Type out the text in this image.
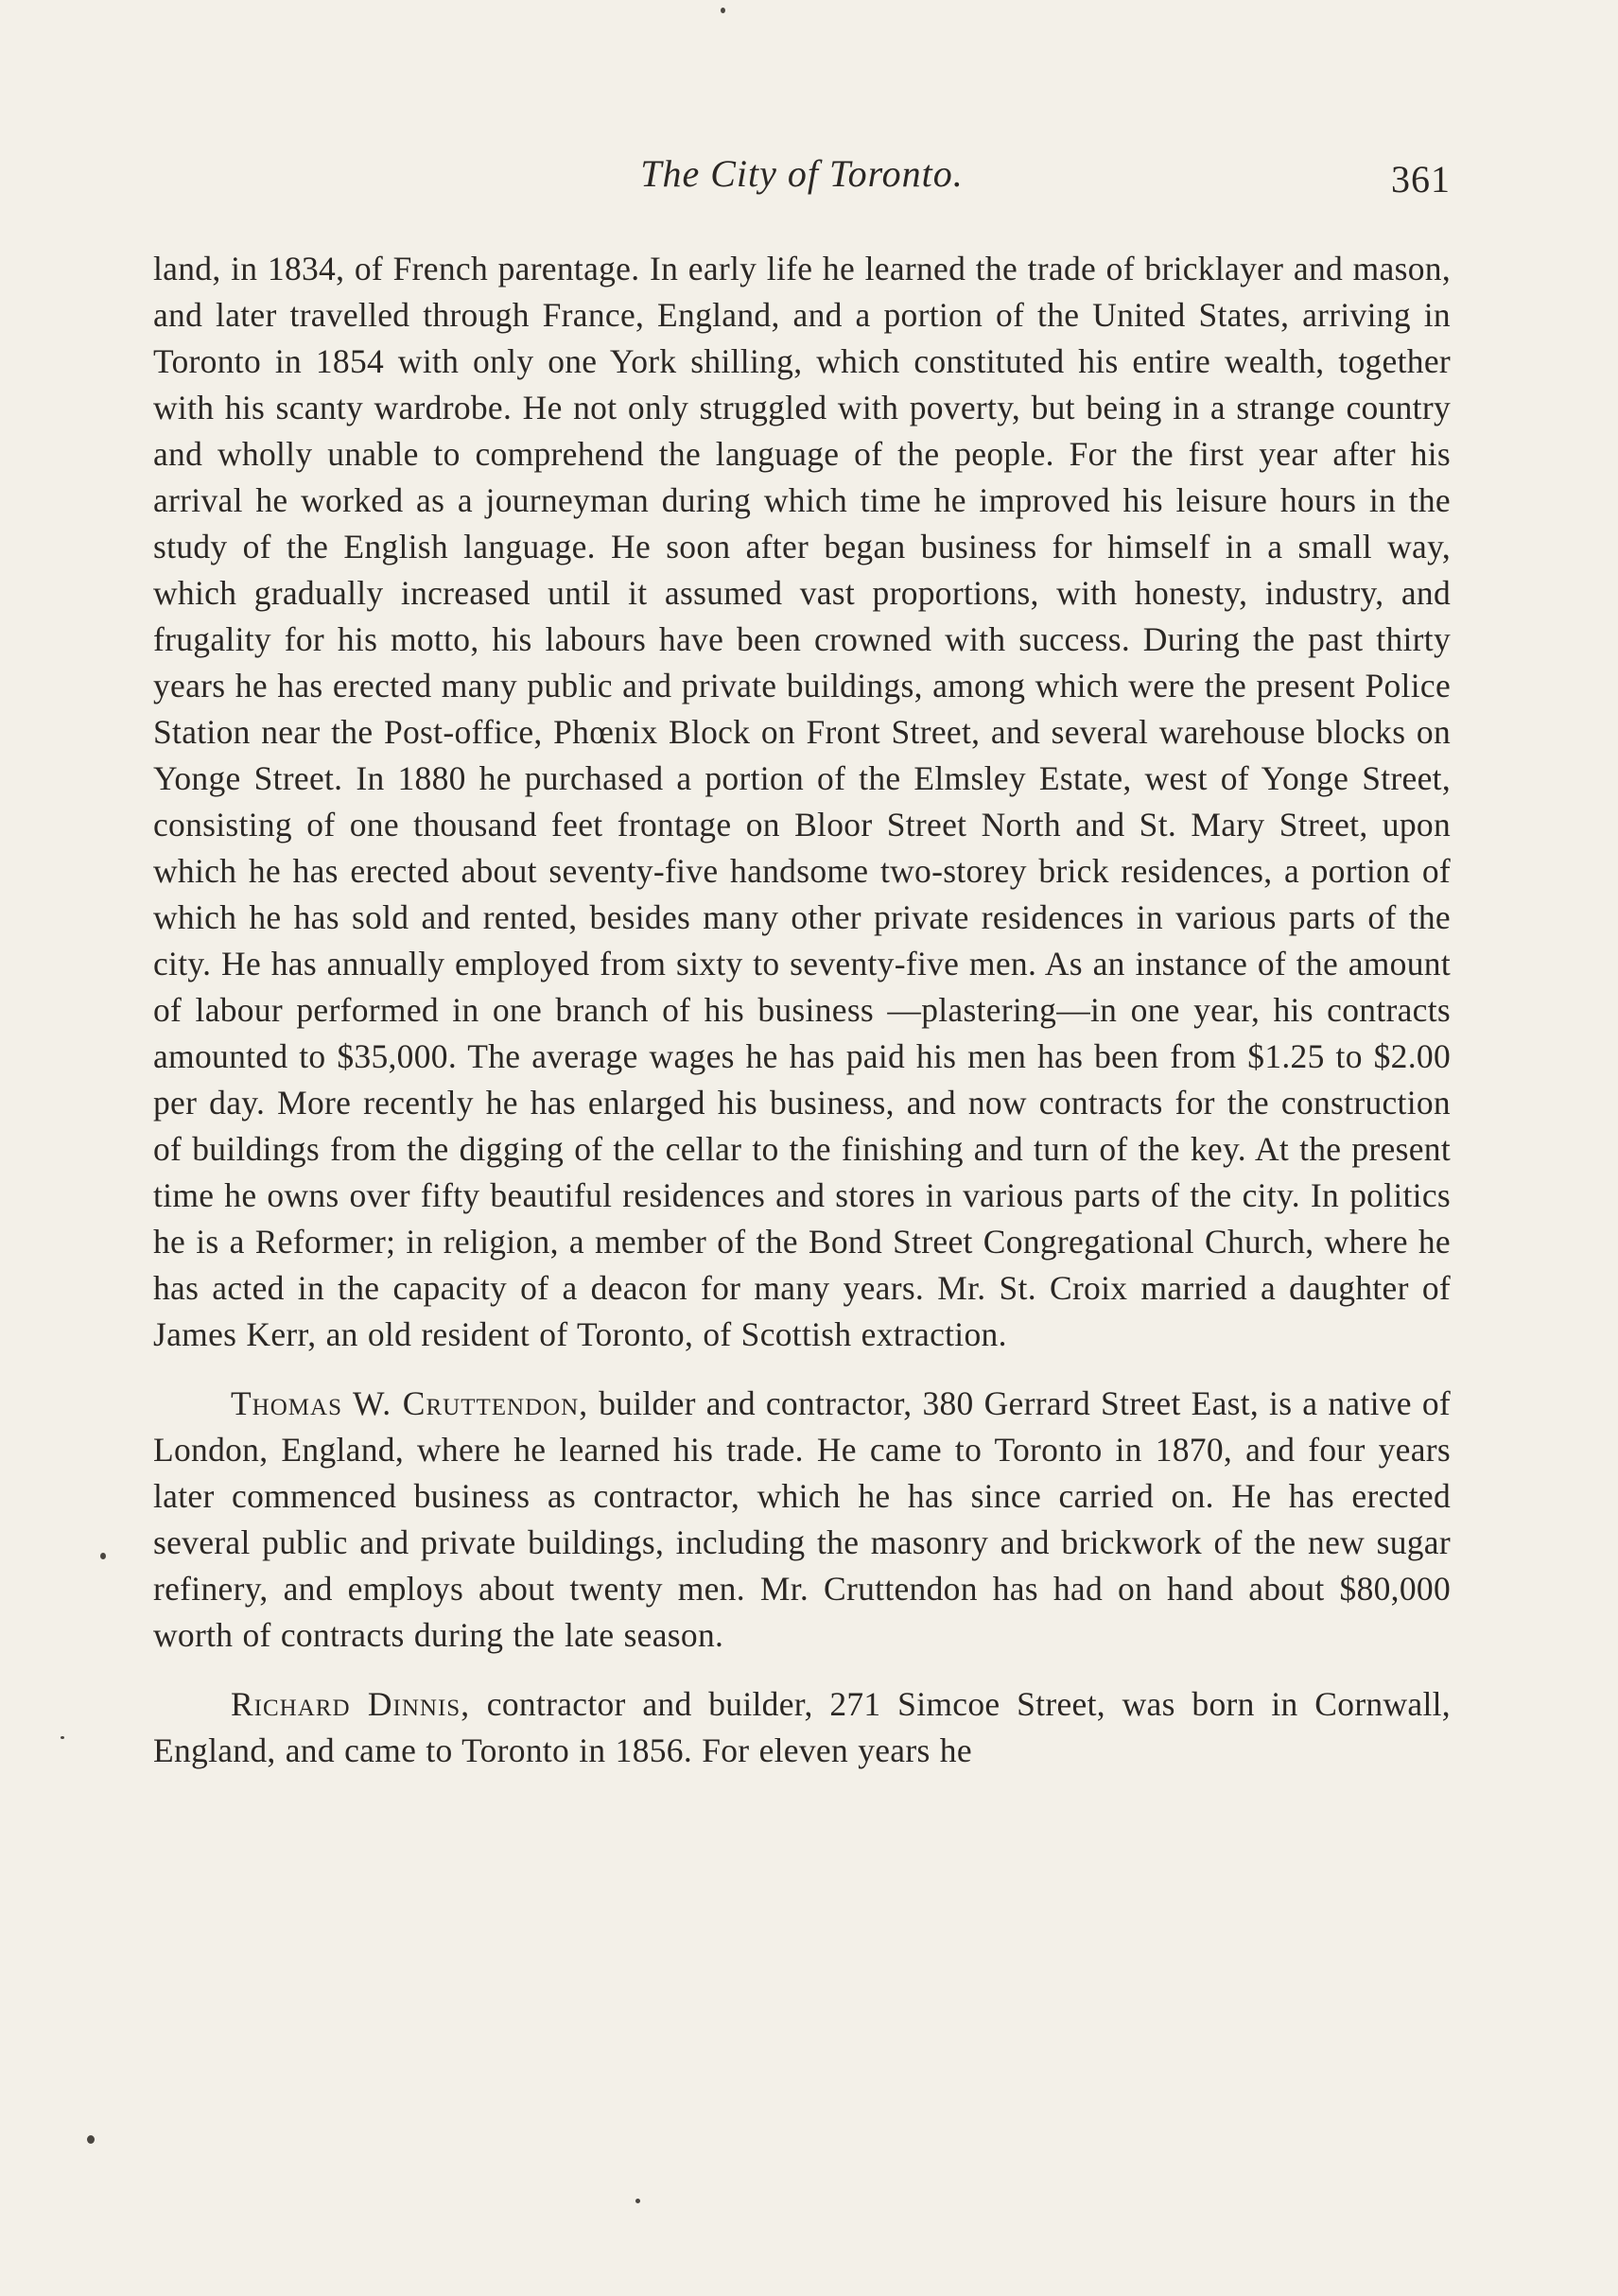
The City of Toronto.	361

land, in 1834, of French parentage. In early life he learned the trade of bricklayer and mason, and later travelled through France, England, and a portion of the United States, arriving in Toronto in 1854 with only one York shilling, which constituted his entire wealth, together with his scanty wardrobe. He not only struggled with poverty, but being in a strange country and wholly unable to comprehend the language of the people. For the first year after his arrival he worked as a journeyman during which time he improved his leisure hours in the study of the English language. He soon after began business for himself in a small way, which gradually increased until it assumed vast proportions, with honesty, industry, and frugality for his motto, his labours have been crowned with success. During the past thirty years he has erected many public and private buildings, among which were the present Police Station near the Post-office, Phœnix Block on Front Street, and several warehouse blocks on Yonge Street. In 1880 he purchased a portion of the Elmsley Estate, west of Yonge Street, consisting of one thousand feet frontage on Bloor Street North and St. Mary Street, upon which he has erected about seventy-five handsome two-storey brick residences, a portion of which he has sold and rented, besides many other private residences in various parts of the city. He has annually employed from sixty to seventy-five men. As an instance of the amount of labour performed in one branch of his business —plastering—in one year, his contracts amounted to $35,000. The average wages he has paid his men has been from $1.25 to $2.00 per day. More recently he has enlarged his business, and now contracts for the construction of buildings from the digging of the cellar to the finishing and turn of the key. At the present time he owns over fifty beautiful residences and stores in various parts of the city. In politics he is a Reformer; in religion, a member of the Bond Street Congregational Church, where he has acted in the capacity of a deacon for many years. Mr. St. Croix married a daughter of James Kerr, an old resident of Toronto, of Scottish extraction.

Thomas W. Cruttendon, builder and contractor, 380 Gerrard Street East, is a native of London, England, where he learned his trade. He came to Toronto in 1870, and four years later commenced business as contractor, which he has since carried on. He has erected several public and private buildings, including the masonry and brickwork of the new sugar refinery, and employs about twenty men. Mr. Cruttendon has had on hand about $80,000 worth of contracts during the late season.

Richard Dinnis, contractor and builder, 271 Simcoe Street, was born in Cornwall, England, and came to Toronto in 1856. For eleven years he
